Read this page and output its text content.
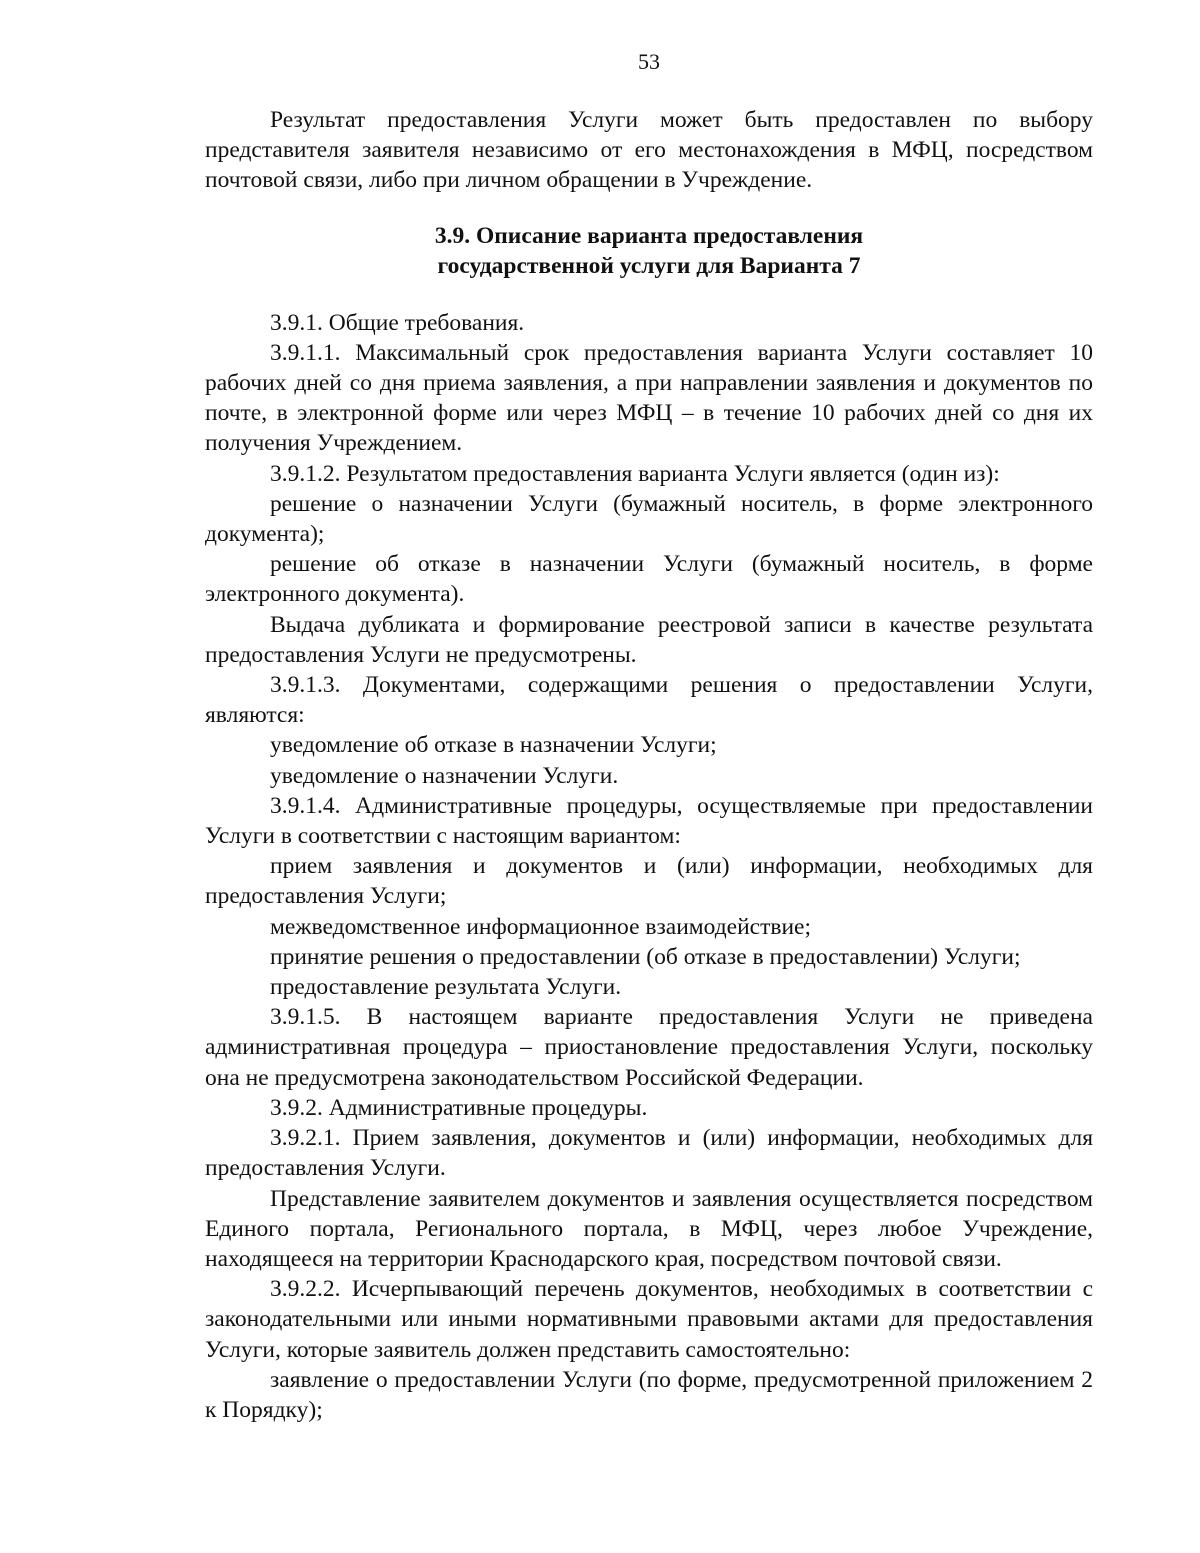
53

Результат предоставления Услуги может быть предоставлен по выбору представителя заявителя независимо от его местонахождения в МФЦ, посредством почтовой связи, либо при личном обращении в Учреждение.

3.9. Описание варианта предоставления
государственной услуги для Варианта 7

3.9.1. Общие требования.

3.9.1.1. Максимальный срок предоставления варианта Услуги составляет 10 рабочих дней со дня приема заявления, а при направлении заявления и документов по почте, в электронной форме или через МФЦ – в течение 10 рабочих дней со дня их получения Учреждением.

3.9.1.2. Результатом предоставления варианта Услуги является (один из):

решение о назначении Услуги (бумажный носитель, в форме электронного документа);

решение об отказе в назначении Услуги (бумажный носитель, в форме электронного документа).

Выдача дубликата и формирование реестровой записи в качестве результата предоставления Услуги не предусмотрены.

3.9.1.3. Документами, содержащими решения о предоставлении Услуги, являются:

уведомление об отказе в назначении Услуги;

уведомление о назначении Услуги.

3.9.1.4. Административные процедуры, осуществляемые при предоставлении Услуги в соответствии с настоящим вариантом:

прием заявления и документов и (или) информации, необходимых для предоставления Услуги;

межведомственное информационное взаимодействие;

принятие решения о предоставлении (об отказе в предоставлении) Услуги;

предоставление результата Услуги.

3.9.1.5. В настоящем варианте предоставления Услуги не приведена административная процедура – приостановление предоставления Услуги, поскольку она не предусмотрена законодательством Российской Федерации.

3.9.2. Административные процедуры.

3.9.2.1. Прием заявления, документов и (или) информации, необходимых для предоставления Услуги.

Представление заявителем документов и заявления осуществляется посредством Единого портала, Регионального портала, в МФЦ, через любое Учреждение, находящееся на территории Краснодарского края, посредством почтовой связи.

3.9.2.2. Исчерпывающий перечень документов, необходимых в соответствии с законодательными или иными нормативными правовыми актами для предоставления Услуги, которые заявитель должен представить самостоятельно:

заявление о предоставлении Услуги (по форме, предусмотренной приложением 2 к Порядку);
